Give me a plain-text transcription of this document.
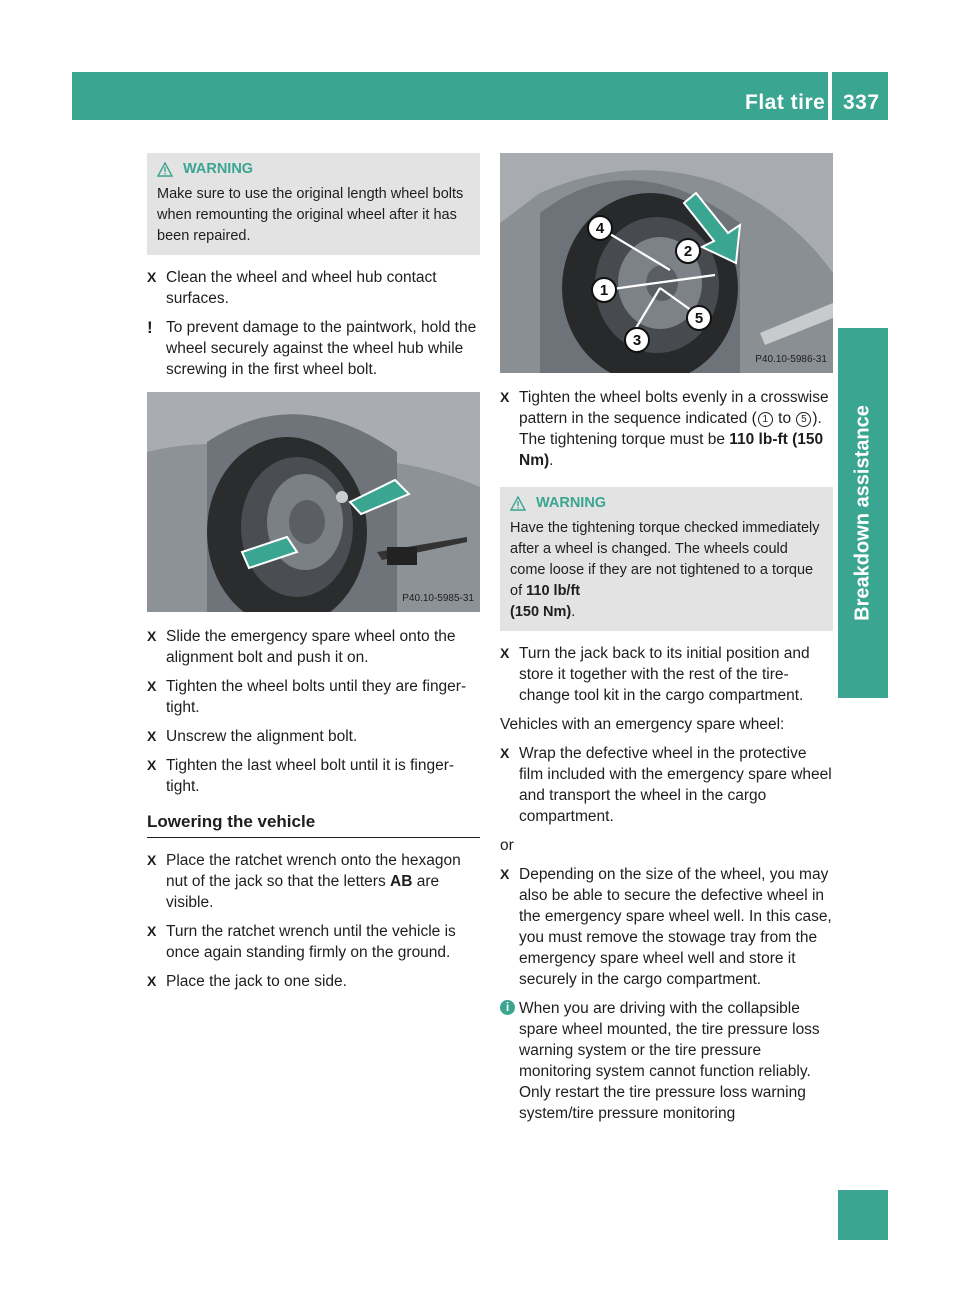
Flat tire 337
Breakdown assistance
WARNING
Make sure to use the original length wheel bolts when remounting the original wheel after it has been repaired.
X Clean the wheel and wheel hub contact surfaces.
! To prevent damage to the paintwork, hold the wheel securely against the wheel hub while screwing in the first wheel bolt.
P40.10-5985-31
X Slide the emergency spare wheel onto the alignment bolt and push it on.
X Tighten the wheel bolts until they are finger-tight.
X Unscrew the alignment bolt.
X Tighten the last wheel bolt until it is finger-tight.
Lowering the vehicle
X Place the ratchet wrench onto the hexagon nut of the jack so that the letters AB are visible.
X Turn the ratchet wrench until the vehicle is once again standing firmly on the ground.
X Place the jack to one side.
4
2
1
5
3
P40.10-5986-31
X Tighten the wheel bolts evenly in a crosswise pattern in the sequence indicated ( 1 to 5 ). The tightening torque must be 110 lb-ft (150 Nm).
WARNING
Have the tightening torque checked immediately after a wheel is changed. The wheels could come loose if they are not tightened to a torque of 110 lb/ft
(150 Nm).
X Turn the jack back to its initial position and store it together with the rest of the tire-change tool kit in the cargo compartment.
Vehicles with an emergency spare wheel:
X Wrap the defective wheel in the protective film included with the emergency spare wheel and transport the wheel in the cargo compartment.
or
X Depending on the size of the wheel, you may also be able to secure the defective wheel in the emergency spare wheel well. In this case, you must remove the stowage tray from the emergency spare wheel well and store it securely in the cargo compartment.
i When you are driving with the collapsible spare wheel mounted, the tire pressure loss warning system or the tire pressure monitoring system cannot function reliably. Only restart the tire pressure loss warning system/tire pressure monitoring
